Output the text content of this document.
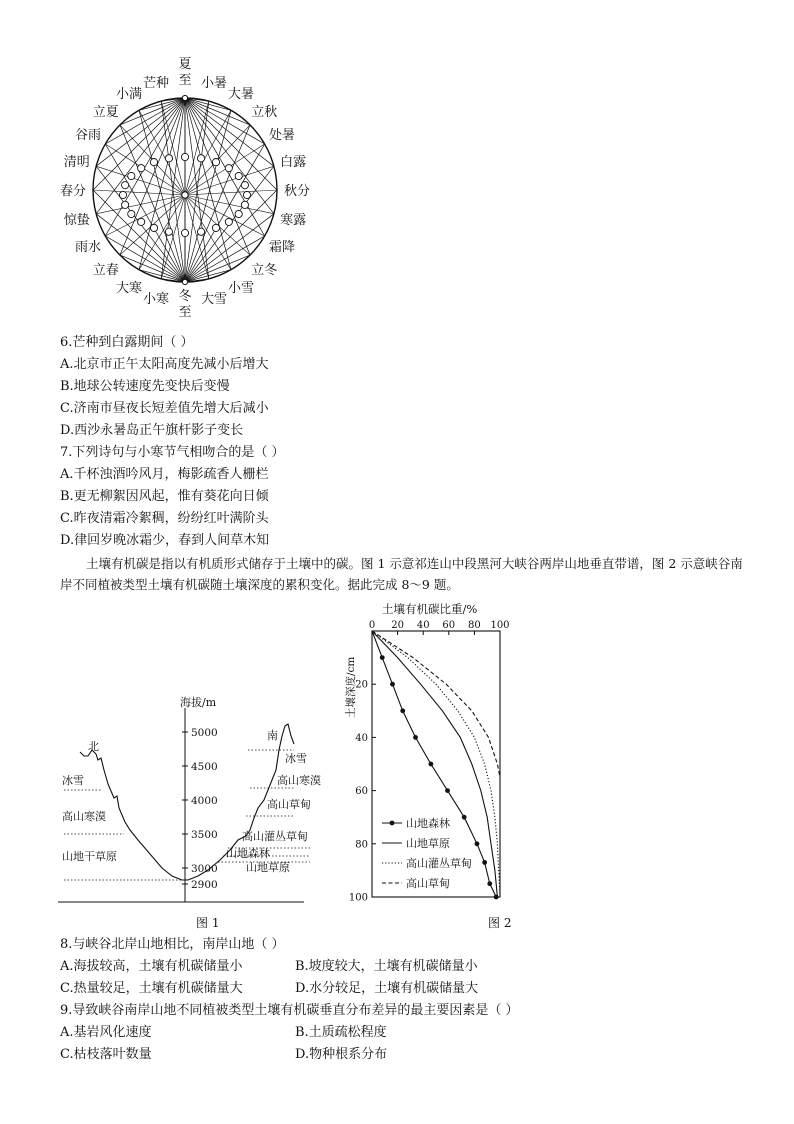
夏
至 小暑
大暑
立秋
处暑
白露
秋分
寒露
霜降
立冬
小雪
大雪
冬
至
小寒
大寒
立春
雨水
惊蛰
春分
清明
谷雨
立夏
小满
芒种
6.芒种到白露期间（ ）
A.北京市正午太阳高度先减小后增大
B.地球公转速度先变快后变慢
C.济南市昼夜长短差值先增大后减小
D.西沙永暑岛正午旗杆影子变长
7.下列诗句与小寒节气相吻合的是（ ）
A.千杯浊酒吟风月，梅影疏香人栅栏
B.更无柳絮因风起，惟有葵花向日倾
C.昨夜清霜冷絮稠，纷纷红叶满阶头
D.律回岁晚冰霜少，春到人间草木知
土壤有机碳是指以有机质形式储存于土壤中的碳。图 1 示意祁连山中段黑河大峡谷两岸山地垂直带谱，图 2 示意峡谷南岸不同植被类型土壤有机碳随土壤深度的累积变化。据此完成 8～9 题。
5000
4500
4000
3500
3000
2900
海拔/m
北
冰雪
高山寒漠
山地干草原
南
冰雪
高山寒漠
高山草甸
高山灌丛草甸
山地森林
山地草原
图 1
土壤有机碳比重/%
0 20 40 60 80 100
20
40
60
80
100
土壤深度/cm
山地森林
山地草原
高山灌丛草甸
高山草甸
图 2
8.与峡谷北岸山地相比，南岸山地（ ）
A.海拔较高，土壤有机碳储量小	B.坡度较大，土壤有机碳储量小
C.热量较足，土壤有机碳储量大	D.水分较足，土壤有机碳储量大
9.导致峡谷南岸山地不同植被类型土壤有机碳垂直分布差异的最主要因素是（ ）
A.基岩风化速度	B.土质疏松程度
C.枯枝落叶数量	D.物种根系分布
